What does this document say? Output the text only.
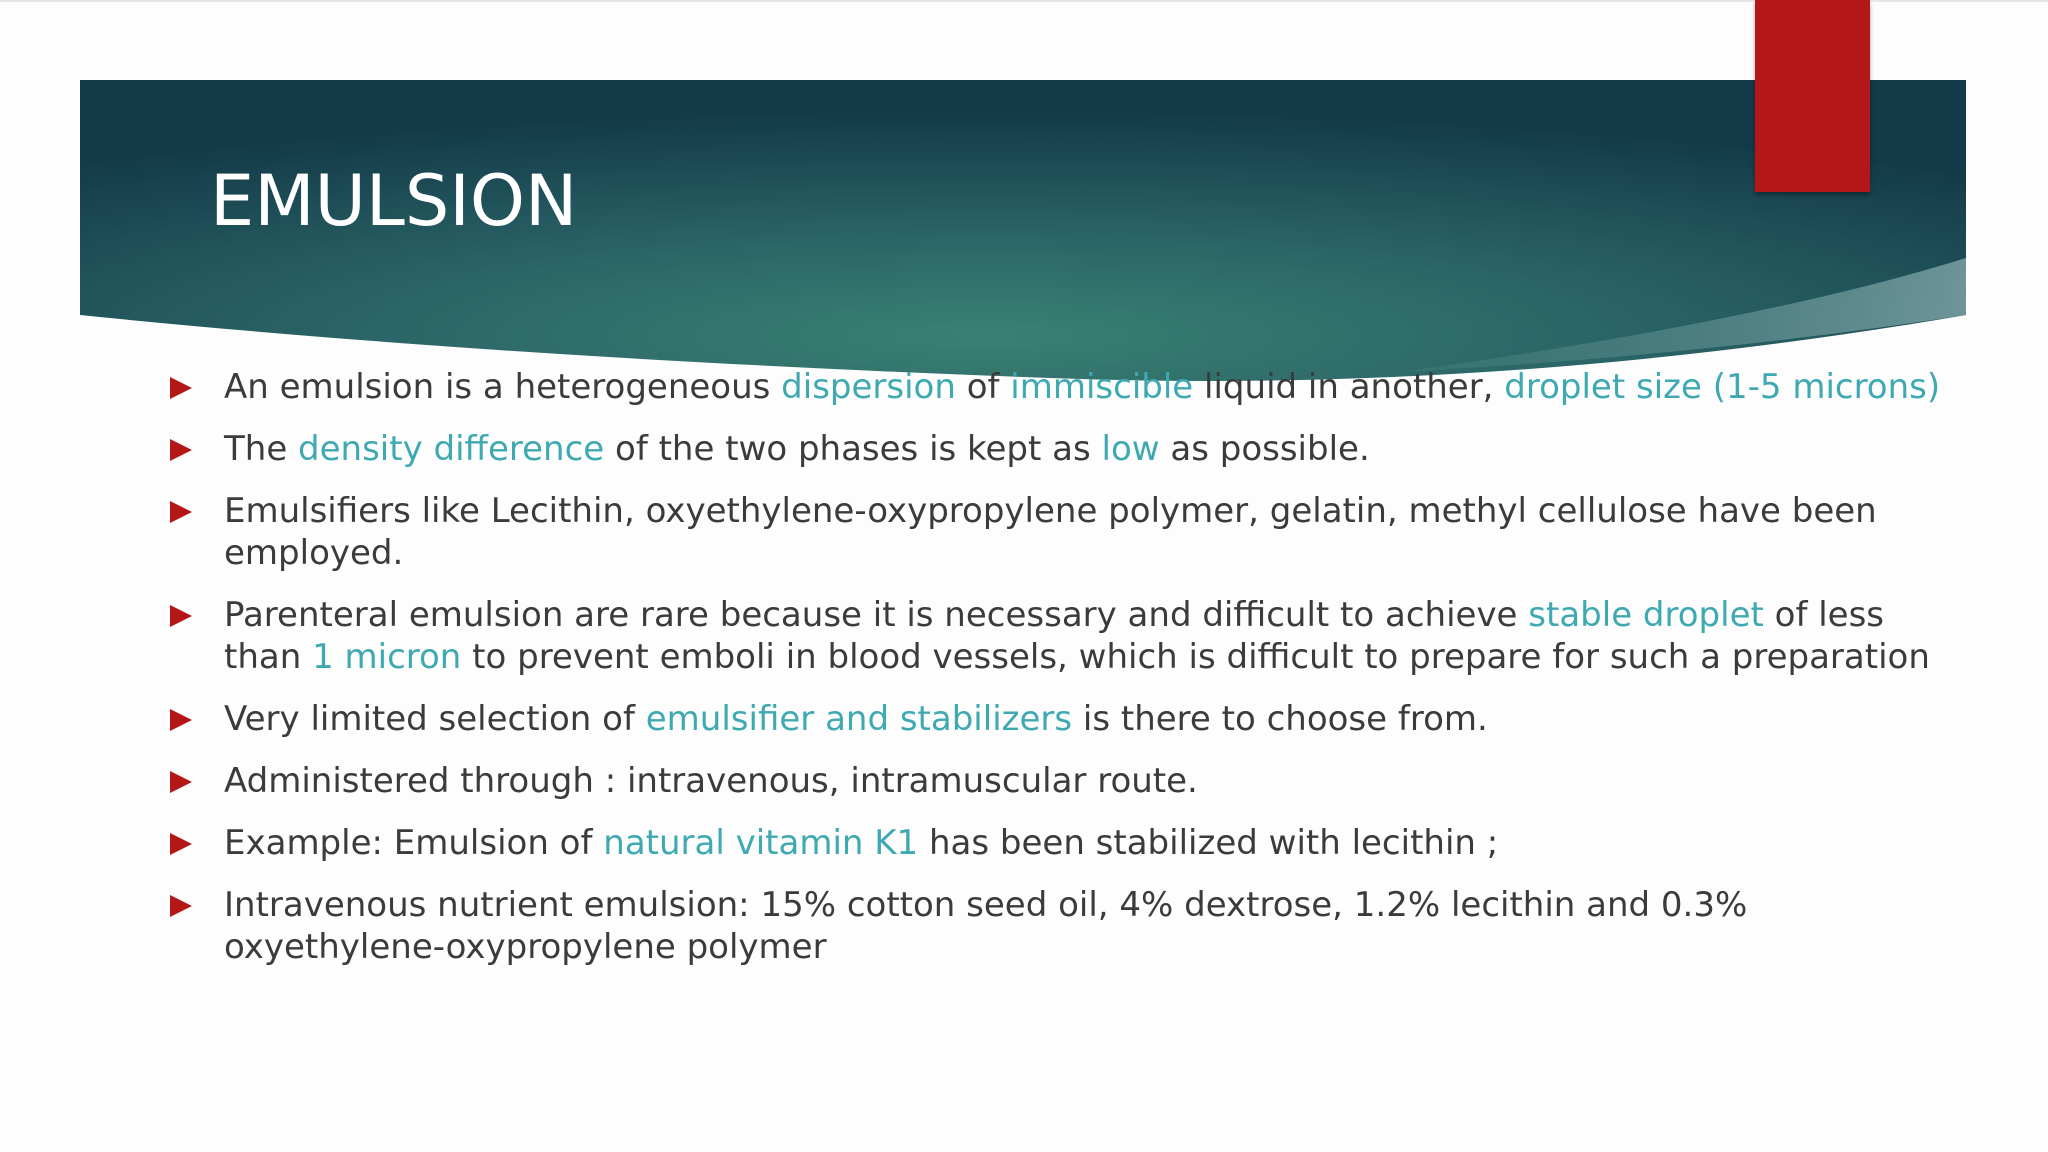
EMULSION
An emulsion is a heterogeneous dispersion of immiscible liquid in another, droplet size (1-5 microns)
The density difference of the two phases is kept as low as possible.
Emulsifiers like Lecithin, oxyethylene-oxypropylene polymer, gelatin, methyl cellulose have been employed.
Parenteral emulsion are rare because it is necessary and difficult to achieve stable droplet of less than 1 micron to prevent emboli in blood vessels, which is difficult to prepare for such a preparation
Very limited selection of emulsifier and stabilizers is there to choose from.
Administered through : intravenous, intramuscular route.
Example: Emulsion of natural vitamin K1 has been stabilized with lecithin ;
Intravenous nutrient emulsion: 15% cotton seed oil, 4% dextrose, 1.2% lecithin and 0.3% oxyethylene-oxypropylene polymer
